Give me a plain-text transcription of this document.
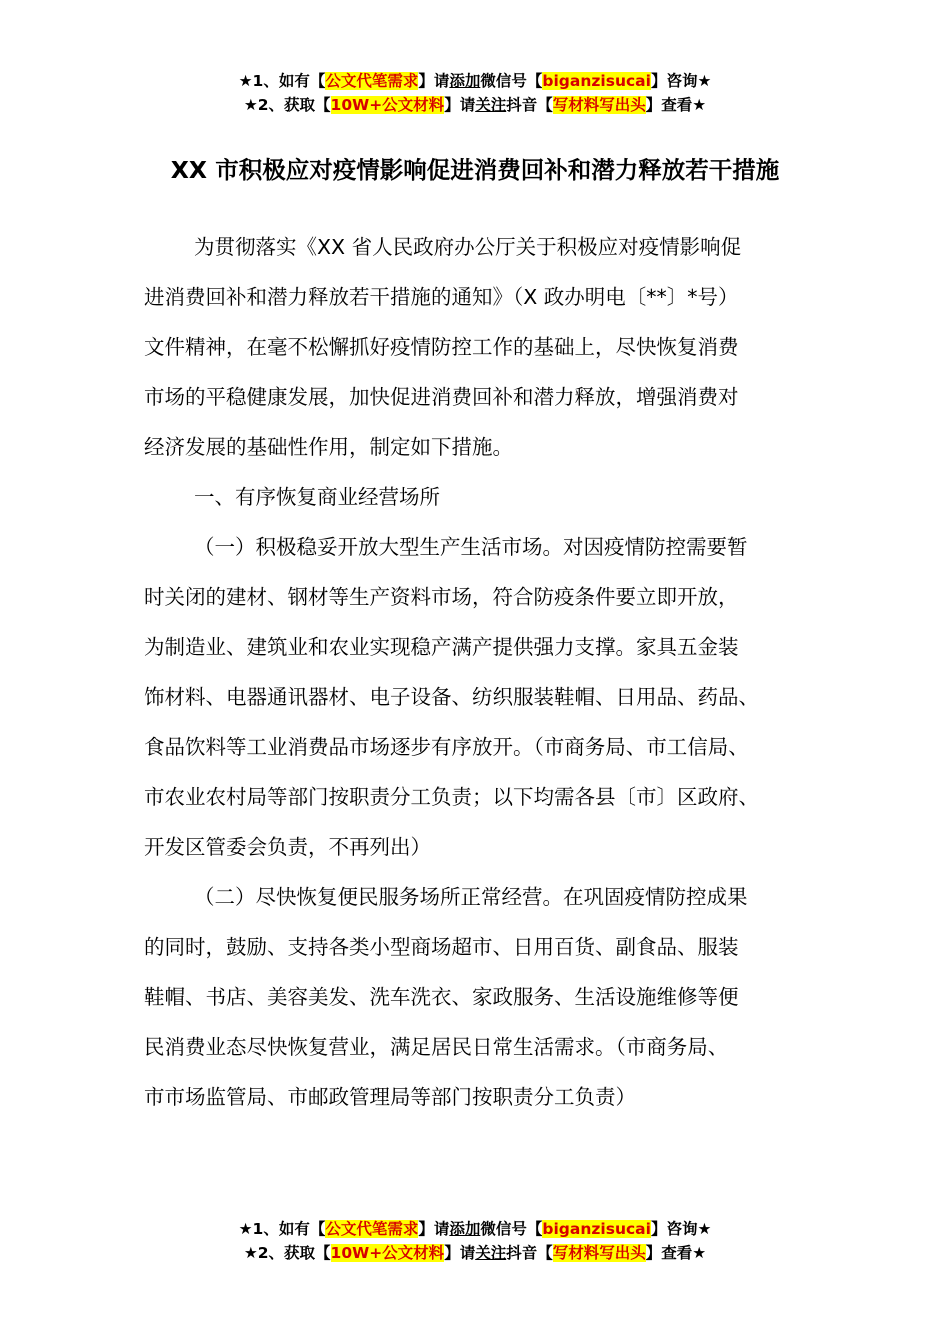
★1、如有【公文代笔需求】请添加微信号【biganzisucai】咨询★
★2、获取【10W+公文材料】请关注抖音【写材料写出头】查看★
XX 市积极应对疫情影响促进消费回补和潜力释放若干措施
为贯彻落实《XX 省人民政府办公厅关于积极应对疫情影响促
进消费回补和潜力释放若干措施的通知》（X 政办明电〔**〕*号）
文件精神，在毫不松懈抓好疫情防控工作的基础上，尽快恢复消费
市场的平稳健康发展，加快促进消费回补和潜力释放，增强消费对
经济发展的基础性作用，制定如下措施。
一、有序恢复商业经营场所
（一）积极稳妥开放大型生产生活市场。对因疫情防控需要暂
时关闭的建材、钢材等生产资料市场，符合防疫条件要立即开放，
为制造业、建筑业和农业实现稳产满产提供强力支撑。家具五金装
饰材料、电器通讯器材、电子设备、纺织服装鞋帽、日用品、药品、
食品饮料等工业消费品市场逐步有序放开。（市商务局、市工信局、
市农业农村局等部门按职责分工负责；以下均需各县〔市〕区政府、
开发区管委会负责，不再列出）
（二）尽快恢复便民服务场所正常经营。在巩固疫情防控成果
的同时，鼓励、支持各类小型商场超市、日用百货、副食品、服装
鞋帽、书店、美容美发、洗车洗衣、家政服务、生活设施维修等便
民消费业态尽快恢复营业，满足居民日常生活需求。（市商务局、
市市场监管局、市邮政管理局等部门按职责分工负责）
★1、如有【公文代笔需求】请添加微信号【biganzisucai】咨询★
★2、获取【10W+公文材料】请关注抖音【写材料写出头】查看★
